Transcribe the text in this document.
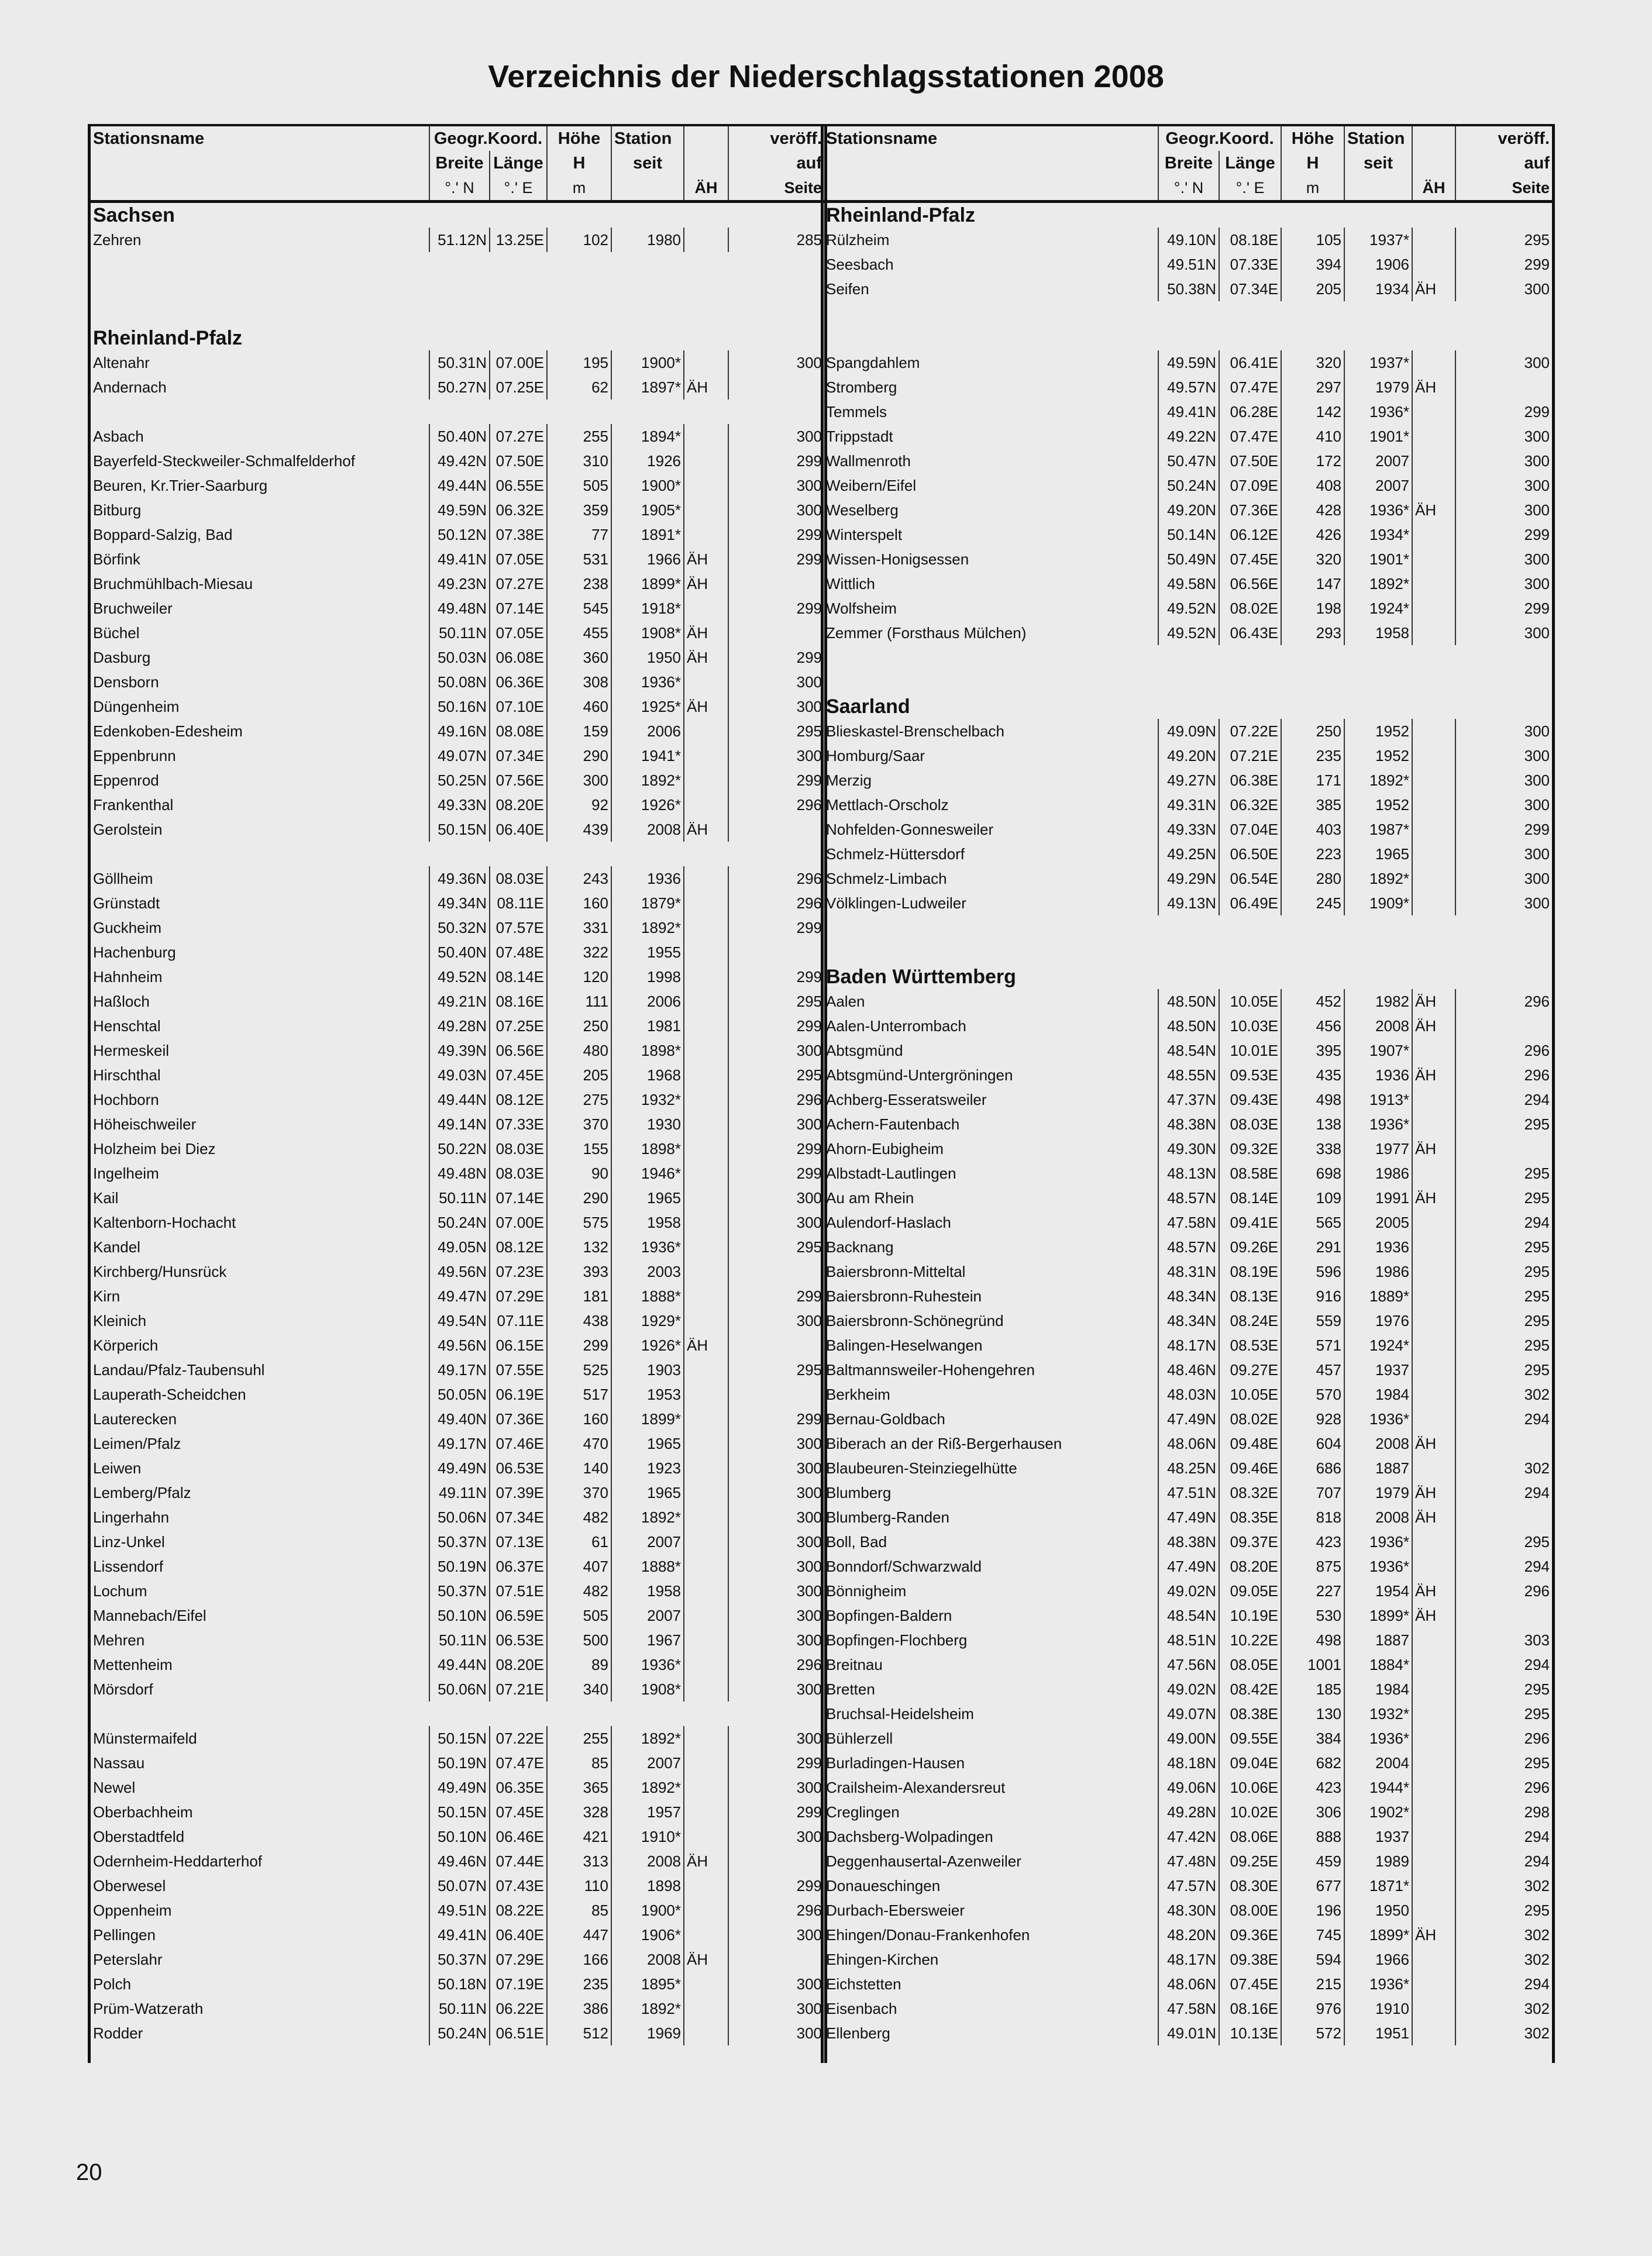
Verzeichnis der Niederschlagsstationen 2008
Stationsname	Geogr.Koord.		Höhe	Station		veröff.
	Breite	Länge	H	seit		auf
	°.' N	°.' E	m		ÄH	Seite
Sachsen						
Zehren	51.12N	13.25E	102	1980		285

Rheinland-Pfalz						
Altenahr	50.31N	07.00E	195	1900*		300
Andernach	50.27N	07.25E	62	1897*	ÄH	

Asbach	50.40N	07.27E	255	1894*		300
Bayerfeld-Steckweiler-Schmalfelderhof	49.42N	07.50E	310	1926		299
Beuren, Kr.Trier-Saarburg	49.44N	06.55E	505	1900*		300
Bitburg	49.59N	06.32E	359	1905*		300
Boppard-Salzig, Bad	50.12N	07.38E	77	1891*		299
Börfink	49.41N	07.05E	531	1966	ÄH	299
Bruchmühlbach-Miesau	49.23N	07.27E	238	1899*	ÄH	
Bruchweiler	49.48N	07.14E	545	1918*		299
Büchel	50.11N	07.05E	455	1908*	ÄH	
Dasburg	50.03N	06.08E	360	1950	ÄH	299
Densborn	50.08N	06.36E	308	1936*		300
Düngenheim	50.16N	07.10E	460	1925*	ÄH	300
Edenkoben-Edesheim	49.16N	08.08E	159	2006		295
Eppenbrunn	49.07N	07.34E	290	1941*		300
Eppenrod	50.25N	07.56E	300	1892*		299
Frankenthal	49.33N	08.20E	92	1926*		296
Gerolstein	50.15N	06.40E	439	2008	ÄH	

Göllheim	49.36N	08.03E	243	1936		296
Grünstadt	49.34N	08.11E	160	1879*		296
Guckheim	50.32N	07.57E	331	1892*		299
Hachenburg	50.40N	07.48E	322	1955		
Hahnheim	49.52N	08.14E	120	1998		299
Haßloch	49.21N	08.16E	111	2006		295
Henschtal	49.28N	07.25E	250	1981		299
Hermeskeil	49.39N	06.56E	480	1898*		300
Hirschthal	49.03N	07.45E	205	1968		295
Hochborn	49.44N	08.12E	275	1932*		296
Höheischweiler	49.14N	07.33E	370	1930		300
Holzheim bei Diez	50.22N	08.03E	155	1898*		299
Ingelheim	49.48N	08.03E	90	1946*		299
Kail	50.11N	07.14E	290	1965		300
Kaltenborn-Hochacht	50.24N	07.00E	575	1958		300
Kandel	49.05N	08.12E	132	1936*		295
Kirchberg/Hunsrück	49.56N	07.23E	393	2003		
Kirn	49.47N	07.29E	181	1888*		299
Kleinich	49.54N	07.11E	438	1929*		300
Körperich	49.56N	06.15E	299	1926*	ÄH	
Landau/Pfalz-Taubensuhl	49.17N	07.55E	525	1903		295
Lauperath-Scheidchen	50.05N	06.19E	517	1953		
Lauterecken	49.40N	07.36E	160	1899*		299
Leimen/Pfalz	49.17N	07.46E	470	1965		300
Leiwen	49.49N	06.53E	140	1923		300
Lemberg/Pfalz	49.11N	07.39E	370	1965		300
Lingerhahn	50.06N	07.34E	482	1892*		300
Linz-Unkel	50.37N	07.13E	61	2007		300
Lissendorf	50.19N	06.37E	407	1888*		300
Lochum	50.37N	07.51E	482	1958		300
Mannebach/Eifel	50.10N	06.59E	505	2007		300
Mehren	50.11N	06.53E	500	1967		300
Mettenheim	49.44N	08.20E	89	1936*		296
Mörsdorf	50.06N	07.21E	340	1908*		300

Münstermaifeld	50.15N	07.22E	255	1892*		300
Nassau	50.19N	07.47E	85	2007		299
Newel	49.49N	06.35E	365	1892*		300
Oberbachheim	50.15N	07.45E	328	1957		299
Oberstadtfeld	50.10N	06.46E	421	1910*		300
Odernheim-Heddarterhof	49.46N	07.44E	313	2008	ÄH	
Oberwesel	50.07N	07.43E	110	1898		299
Oppenheim	49.51N	08.22E	85	1900*		296
Pellingen	49.41N	06.40E	447	1906*		300
Peterslahr	50.37N	07.29E	166	2008	ÄH	
Polch	50.18N	07.19E	235	1895*		300
Prüm-Watzerath	50.11N	06.22E	386	1892*		300
Rodder	50.24N	06.51E	512	1969		300
Stationsname	Geogr.Koord.		Höhe	Station		veröff.
	Breite	Länge	H	seit		auf
	°.' N	°.' E	m		ÄH	Seite
Rheinland-Pfalz						
Rülzheim	49.10N	08.18E	105	1937*		295
Seesbach	49.51N	07.33E	394	1906		299
Seifen	50.38N	07.34E	205	1934	ÄH	300

Spangdahlem	49.59N	06.41E	320	1937*		300
Stromberg	49.57N	07.47E	297	1979	ÄH	
Temmels	49.41N	06.28E	142	1936*		299
Trippstadt	49.22N	07.47E	410	1901*		300
Wallmenroth	50.47N	07.50E	172	2007		300
Weibern/Eifel	50.24N	07.09E	408	2007		300
Weselberg	49.20N	07.36E	428	1936*	ÄH	300
Winterspelt	50.14N	06.12E	426	1934*		299
Wissen-Honigsessen	50.49N	07.45E	320	1901*		300
Wittlich	49.58N	06.56E	147	1892*		300
Wolfsheim	49.52N	08.02E	198	1924*		299
Zemmer (Forsthaus Mülchen)	49.52N	06.43E	293	1958		300

Saarland						
Blieskastel-Brenschelbach	49.09N	07.22E	250	1952		300
Homburg/Saar	49.20N	07.21E	235	1952		300
Merzig	49.27N	06.38E	171	1892*		300
Mettlach-Orscholz	49.31N	06.32E	385	1952		300
Nohfelden-Gonnesweiler	49.33N	07.04E	403	1987*		299
Schmelz-Hüttersdorf	49.25N	06.50E	223	1965		300
Schmelz-Limbach	49.29N	06.54E	280	1892*		300
Völklingen-Ludweiler	49.13N	06.49E	245	1909*		300

Baden Württemberg						
Aalen	48.50N	10.05E	452	1982	ÄH	296
Aalen-Unterrombach	48.50N	10.03E	456	2008	ÄH	
Abtsgmünd	48.54N	10.01E	395	1907*		296
Abtsgmünd-Untergröningen	48.55N	09.53E	435	1936	ÄH	296
Achberg-Esseratsweiler	47.37N	09.43E	498	1913*		294
Achern-Fautenbach	48.38N	08.03E	138	1936*		295
Ahorn-Eubigheim	49.30N	09.32E	338	1977	ÄH	
Albstadt-Lautlingen	48.13N	08.58E	698	1986		295
Au am Rhein	48.57N	08.14E	109	1991	ÄH	295
Aulendorf-Haslach	47.58N	09.41E	565	2005		294
Backnang	48.57N	09.26E	291	1936		295
Baiersbronn-Mitteltal	48.31N	08.19E	596	1986		295
Baiersbronn-Ruhestein	48.34N	08.13E	916	1889*		295
Baiersbronn-Schönegründ	48.34N	08.24E	559	1976		295
Balingen-Heselwangen	48.17N	08.53E	571	1924*		295
Baltmannsweiler-Hohengehren	48.46N	09.27E	457	1937		295
Berkheim	48.03N	10.05E	570	1984		302
Bernau-Goldbach	47.49N	08.02E	928	1936*		294
Biberach an der Riß-Bergerhausen	48.06N	09.48E	604	2008	ÄH	
Blaubeuren-Steinziegelhütte	48.25N	09.46E	686	1887		302
Blumberg	47.51N	08.32E	707	1979	ÄH	294
Blumberg-Randen	47.49N	08.35E	818	2008	ÄH	
Boll, Bad	48.38N	09.37E	423	1936*		295
Bonndorf/Schwarzwald	47.49N	08.20E	875	1936*		294
Bönnigheim	49.02N	09.05E	227	1954	ÄH	296
Bopfingen-Baldern	48.54N	10.19E	530	1899*	ÄH	
Bopfingen-Flochberg	48.51N	10.22E	498	1887		303
Breitnau	47.56N	08.05E	1001	1884*		294
Bretten	49.02N	08.42E	185	1984		295
Bruchsal-Heidelsheim	49.07N	08.38E	130	1932*		295
Bühlerzell	49.00N	09.55E	384	1936*		296
Burladingen-Hausen	48.18N	09.04E	682	2004		295
Crailsheim-Alexandersreut	49.06N	10.06E	423	1944*		296
Creglingen	49.28N	10.02E	306	1902*		298
Dachsberg-Wolpadingen	47.42N	08.06E	888	1937		294
Deggenhausertal-Azenweiler	47.48N	09.25E	459	1989		294
Donaueschingen	47.57N	08.30E	677	1871*		302
Durbach-Ebersweier	48.30N	08.00E	196	1950		295
Ehingen/Donau-Frankenhofen	48.20N	09.36E	745	1899*	ÄH	302
Ehingen-Kirchen	48.17N	09.38E	594	1966		302
Eichstetten	48.06N	07.45E	215	1936*		294
Eisenbach	47.58N	08.16E	976	1910		302
Ellenberg	49.01N	10.13E	572	1951		302
20
